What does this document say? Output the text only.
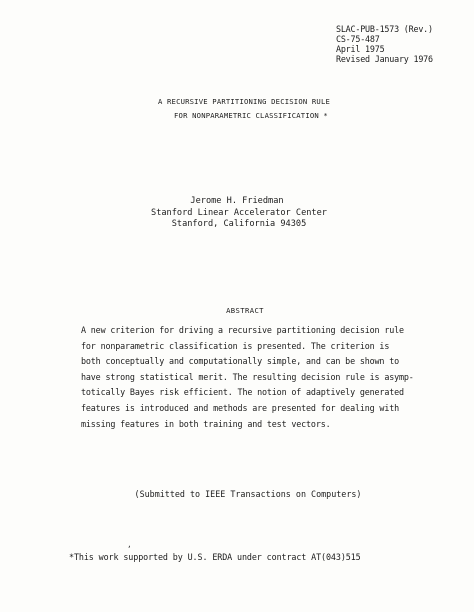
SLAC-PUB-1573 (Rev.)
CS-75-487
April 1975
Revised January 1976
A RECURSIVE PARTITIONING DECISION RULE
FOR NONPARAMETRIC CLASSIFICATION *
Jerome H. Friedman
Stanford Linear Accelerator Center
Stanford, California 94305
ABSTRACT
A new criterion for driving a recursive partitioning decision rule
for nonparametric classification is presented. The criterion is
both conceptually and computationally simple, and can be shown to
have strong statistical merit. The resulting decision rule is asymp-
totically Bayes risk efficient. The notion of adaptively generated
features is introduced and methods are presented for dealing with
missing features in both training and test vectors.
(Submitted to IEEE Transactions on Computers)
,
*This work supported by U.S. ERDA under contract AT(043)515
